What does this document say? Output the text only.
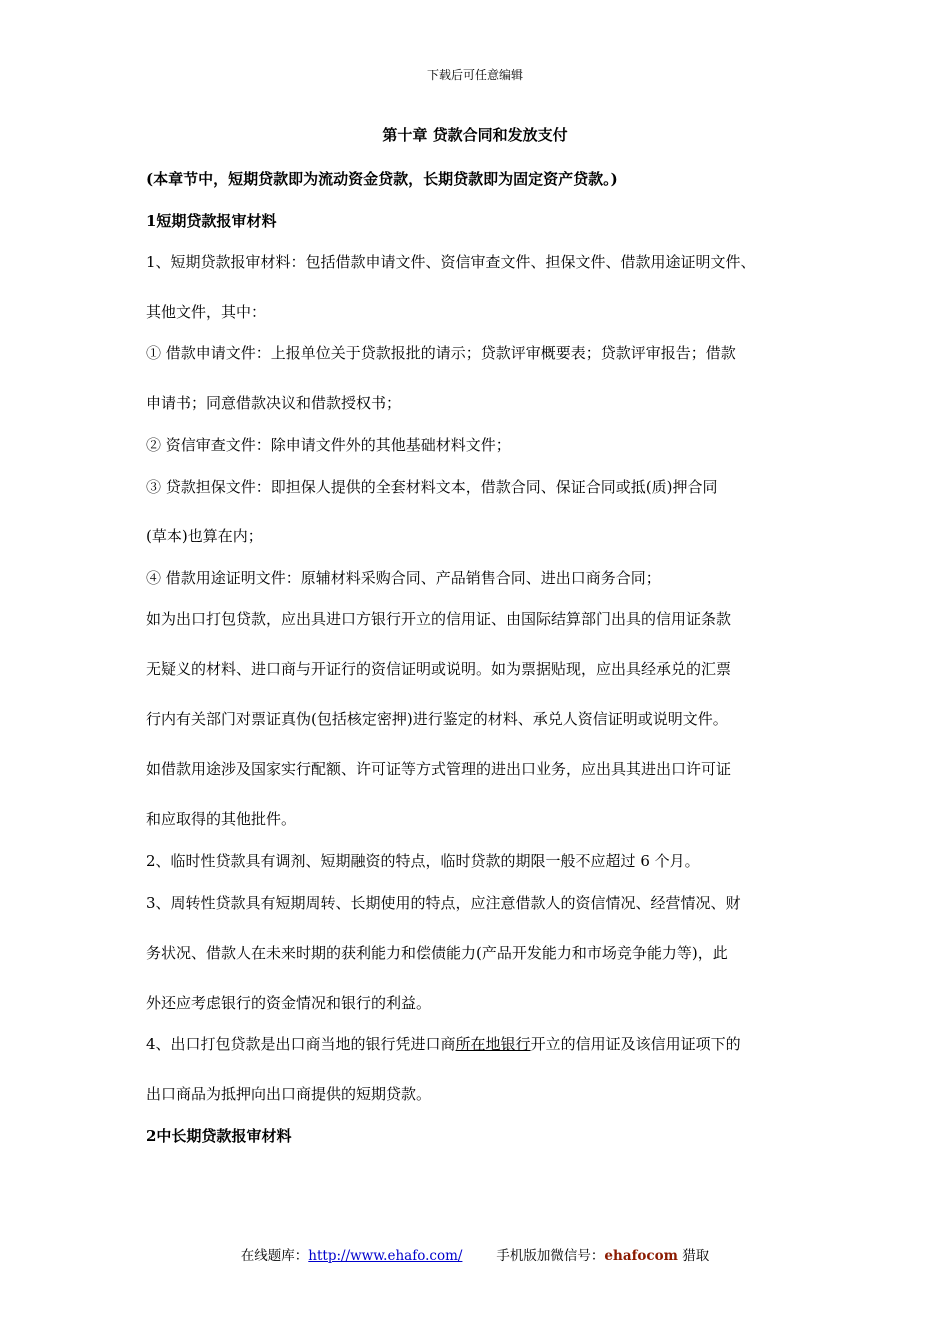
下载后可任意编辑
第十章 贷款合同和发放支付
(本章节中，短期贷款即为流动资金贷款，长期贷款即为固定资产贷款。)
1短期贷款报审材料
1、短期贷款报审材料：包括借款申请文件、资信审查文件、担保文件、借款用途证明文件、
其他文件，其中：
① 借款申请文件：上报单位关于贷款报批的请示；贷款评审概要表；贷款评审报告；借款
申请书；同意借款决议和借款授权书；
② 资信审查文件：除申请文件外的其他基础材料文件；
③ 贷款担保文件：即担保人提供的全套材料文本，借款合同、保证合同或抵(质)押合同
(草本)也算在内；
④ 借款用途证明文件：原辅材料采购合同、产品销售合同、进出口商务合同；
如为出口打包贷款，应出具进口方银行开立的信用证、由国际结算部门出具的信用证条款
无疑义的材料、进口商与开证行的资信证明或说明。如为票据贴现，应出具经承兑的汇票
行内有关部门对票证真伪(包括核定密押)进行鉴定的材料、承兑人资信证明或说明文件。
如借款用途涉及国家实行配额、许可证等方式管理的进出口业务，应出具其进出口许可证
和应取得的其他批件。
2、临时性贷款具有调剂、短期融资的特点，临时贷款的期限一般不应超过 6 个月。
3、周转性贷款具有短期周转、长期使用的特点，应注意借款人的资信情况、经营情况、财
务状况、借款人在未来时期的获利能力和偿债能力(产品开发能力和市场竞争能力等)，此
外还应考虑银行的资金情况和银行的利益。
4、出口打包贷款是出口商当地的银行凭进口商所在地银行开立的信用证及该信用证项下的
出口商品为抵押向出口商提供的短期贷款。
2中长期贷款报审材料
在线题库：http://www.ehafo.com/	手机版加微信号：ehafocom 猎取
